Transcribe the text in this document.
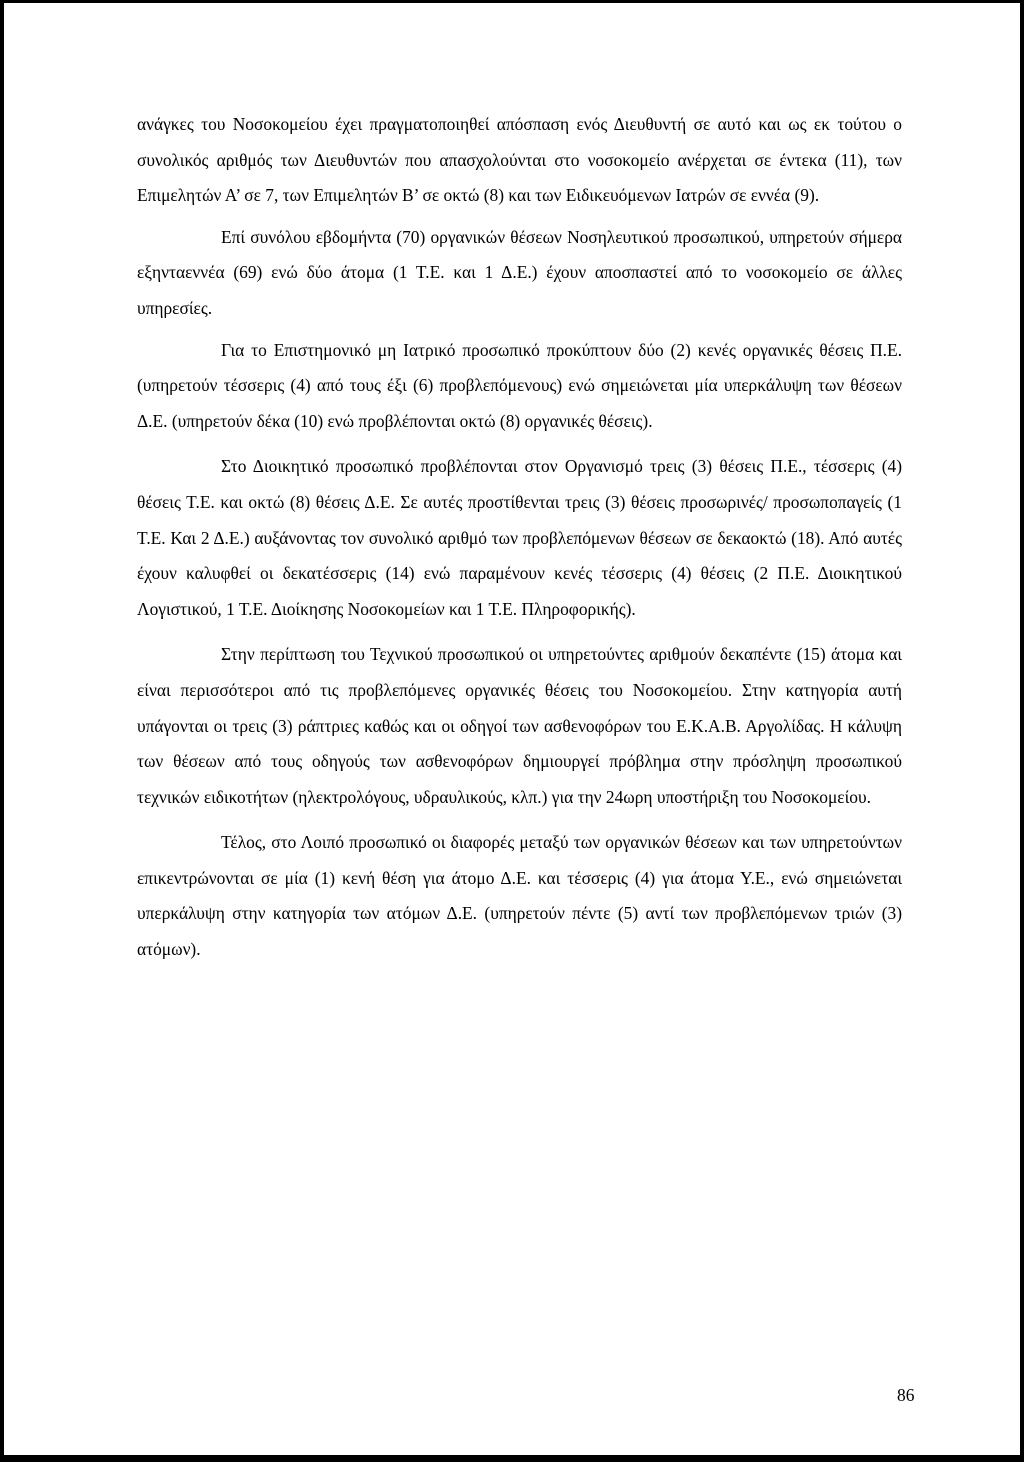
ανάγκες του Νοσοκομείου έχει πραγματοποιηθεί απόσπαση ενός Διευθυντή σε αυτό και ως εκ τούτου ο συνολικός αριθμός των Διευθυντών που απασχολούνται στο νοσοκομείο ανέρχεται σε έντεκα (11), των Επιμελητών Α’ σε 7, των Επιμελητών Β’ σε οκτώ (8) και των Ειδικευόμενων Ιατρών σε εννέα (9).

Επί συνόλου εβδομήντα (70) οργανικών θέσεων Νοσηλευτικού προσωπικού, υπηρετούν σήμερα εξηνταεννέα (69) ενώ δύο άτομα (1 Τ.Ε. και 1 Δ.Ε.) έχουν αποσπαστεί από το νοσοκομείο σε άλλες υπηρεσίες.

Για το Επιστημονικό μη Ιατρικό προσωπικό προκύπτουν δύο (2) κενές οργανικές θέσεις Π.Ε. (υπηρετούν τέσσερις (4) από τους έξι (6) προβλεπόμενους) ενώ σημειώνεται μία υπερκάλυψη των θέσεων Δ.Ε. (υπηρετούν δέκα (10) ενώ προβλέπονται οκτώ (8) οργανικές θέσεις).

Στο Διοικητικό προσωπικό προβλέπονται στον Οργανισμό τρεις (3) θέσεις Π.Ε., τέσσερις (4) θέσεις Τ.Ε. και οκτώ (8) θέσεις Δ.Ε. Σε αυτές προστίθενται τρεις (3) θέσεις προσωρινές/ προσωποπαγείς (1 Τ.Ε. Και 2 Δ.Ε.) αυξάνοντας τον συνολικό αριθμό των προβλεπόμενων θέσεων σε δεκαοκτώ (18). Από αυτές έχουν καλυφθεί οι δεκατέσσερις (14) ενώ παραμένουν κενές τέσσερις (4) θέσεις (2 Π.Ε. Διοικητικού Λογιστικού, 1 Τ.Ε. Διοίκησης Νοσοκομείων και 1 Τ.Ε. Πληροφορικής).

Στην περίπτωση του Τεχνικού προσωπικού οι υπηρετούντες αριθμούν δεκαπέντε (15) άτομα και είναι περισσότεροι από τις προβλεπόμενες οργανικές θέσεις του Νοσοκομείου. Στην κατηγορία αυτή υπάγονται οι τρεις (3) ράπτριες καθώς και οι οδηγοί των ασθενοφόρων του Ε.Κ.Α.Β. Αργολίδας. Η κάλυψη των θέσεων από τους οδηγούς των ασθενοφόρων δημιουργεί πρόβλημα στην πρόσληψη προσωπικού τεχνικών ειδικοτήτων (ηλεκτρολόγους, υδραυλικούς, κλπ.) για την 24ωρη υποστήριξη του Νοσοκομείου.

Τέλος, στο Λοιπό προσωπικό οι διαφορές μεταξύ των οργανικών θέσεων και των υπηρετούντων επικεντρώνονται σε μία (1) κενή θέση για άτομο Δ.Ε. και τέσσερις (4) για άτομα Υ.Ε., ενώ σημειώνεται υπερκάλυψη στην κατηγορία των ατόμων Δ.Ε. (υπηρετούν πέντε (5) αντί των προβλεπόμενων τριών (3) ατόμων).

86
